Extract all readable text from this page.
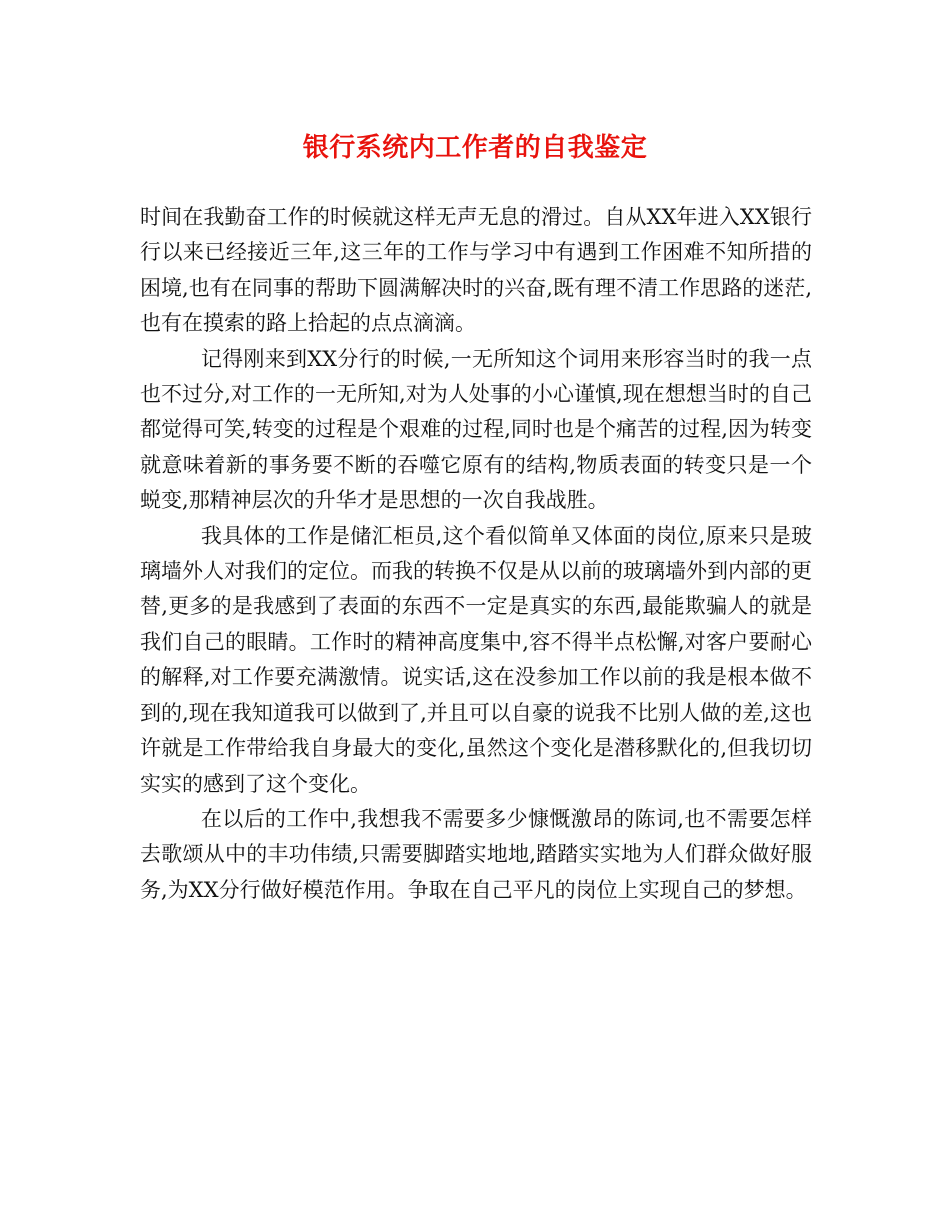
银行系统内工作者的自我鉴定

时间在我勤奋工作的时候就这样无声无息的滑过。自从XX年进入XX银行行以来已经接近三年,这三年的工作与学习中有遇到工作困难不知所措的困境,也有在同事的帮助下圆满解决时的兴奋,既有理不清工作思路的迷茫,也有在摸索的路上拾起的点点滴滴。

记得刚来到XX分行的时候,一无所知这个词用来形容当时的我一点也不过分,对工作的一无所知,对为人处事的小心谨慎,现在想想当时的自己都觉得可笑,转变的过程是个艰难的过程,同时也是个痛苦的过程,因为转变就意味着新的事务要不断的吞噬它原有的结构,物质表面的转变只是一个蜕变,那精神层次的升华才是思想的一次自我战胜。

我具体的工作是储汇柜员,这个看似简单又体面的岗位,原来只是玻璃墙外人对我们的定位。而我的转换不仅是从以前的玻璃墙外到内部的更替,更多的是我感到了表面的东西不一定是真实的东西,最能欺骗人的就是我们自己的眼睛。工作时的精神高度集中,容不得半点松懈,对客户要耐心的解释,对工作要充满激情。说实话,这在没参加工作以前的我是根本做不到的,现在我知道我可以做到了,并且可以自豪的说我不比别人做的差,这也许就是工作带给我自身最大的变化,虽然这个变化是潜移默化的,但我切切实实的感到了这个变化。

在以后的工作中,我想我不需要多少慷慨激昂的陈词,也不需要怎样去歌颂从中的丰功伟绩,只需要脚踏实地地,踏踏实实地为人们群众做好服务,为XX分行做好模范作用。争取在自己平凡的岗位上实现自己的梦想。
